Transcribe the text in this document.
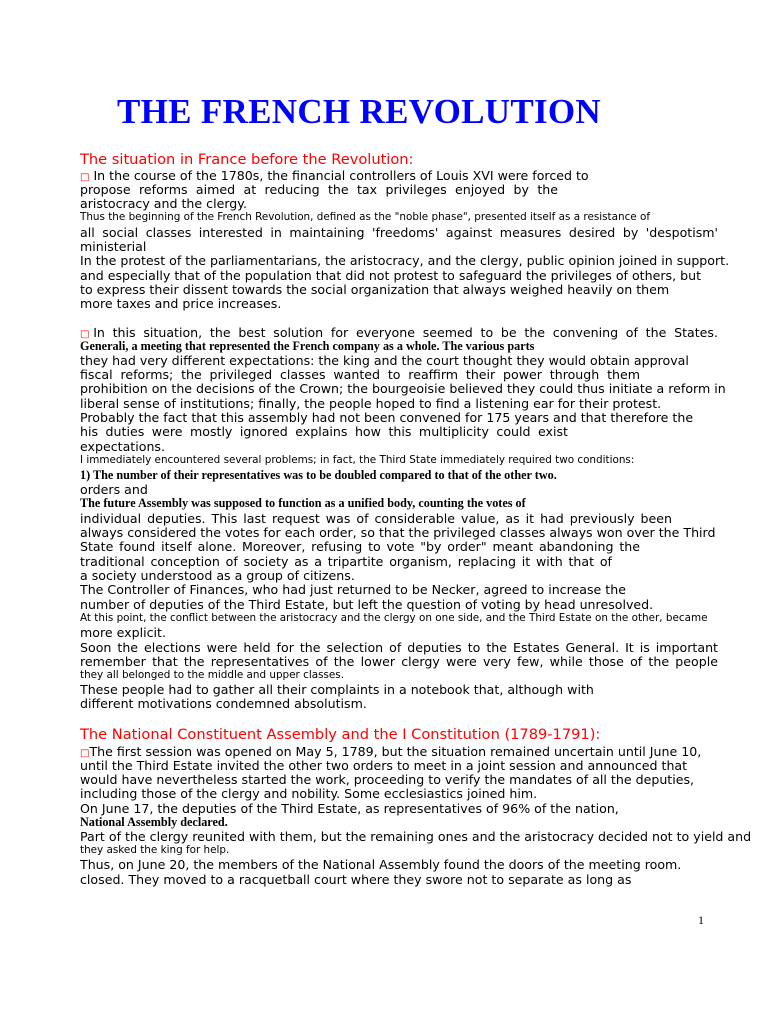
THE FRENCH REVOLUTION
The situation in France before the Revolution:
□ In the course of the 1780s, the financial controllers of Louis XVI were forced to
propose reforms aimed at reducing the tax privileges enjoyed by the
aristocracy and the clergy.
Thus the beginning of the French Revolution, defined as the "noble phase", presented itself as a resistance of
all social classes interested in maintaining 'freedoms' against measures desired by 'despotism'
ministerial
In the protest of the parliamentarians, the aristocracy, and the clergy, public opinion joined in support.
and especially that of the population that did not protest to safeguard the privileges of others, but
to express their dissent towards the social organization that always weighed heavily on them
more taxes and price increases.
□In this situation, the best solution for everyone seemed to be the convening of the States.
Generali, a meeting that represented the French company as a whole. The various parts
they had very different expectations: the king and the court thought they would obtain approval
fiscal reforms; the privileged classes wanted to reaffirm their power through them
prohibition on the decisions of the Crown; the bourgeoisie believed they could thus initiate a reform in
liberal sense of institutions; finally, the people hoped to find a listening ear for their protest.
Probably the fact that this assembly had not been convened for 175 years and that therefore the
his duties were mostly ignored explains how this multiplicity could exist
expectations.
I immediately encountered several problems; in fact, the Third State immediately required two conditions:
1) The number of their representatives was to be doubled compared to that of the other two.
orders and
The future Assembly was supposed to function as a unified body, counting the votes of
individual deputies. This last request was of considerable value, as it had previously been
always considered the votes for each order, so that the privileged classes always won over the Third
State found itself alone. Moreover, refusing to vote "by order" meant abandoning the
traditional conception of society as a tripartite organism, replacing it with that of
a society understood as a group of citizens.
The Controller of Finances, who had just returned to be Necker, agreed to increase the
number of deputies of the Third Estate, but left the question of voting by head unresolved.
At this point, the conflict between the aristocracy and the clergy on one side, and the Third Estate on the other, became
more explicit.
Soon the elections were held for the selection of deputies to the Estates General. It is important
remember that the representatives of the lower clergy were very few, while those of the people
they all belonged to the middle and upper classes.
These people had to gather all their complaints in a notebook that, although with
different motivations condemned absolutism.
The National Constituent Assembly and the I Constitution (1789-1791):
□The first session was opened on May 5, 1789, but the situation remained uncertain until June 10,
until the Third Estate invited the other two orders to meet in a joint session and announced that
would have nevertheless started the work, proceeding to verify the mandates of all the deputies,
including those of the clergy and nobility. Some ecclesiastics joined him.
On June 17, the deputies of the Third Estate, as representatives of 96% of the nation,
National Assembly declared.
Part of the clergy reunited with them, but the remaining ones and the aristocracy decided not to yield and
they asked the king for help.
Thus, on June 20, the members of the National Assembly found the doors of the meeting room.
closed. They moved to a racquetball court where they swore not to separate as long as
1
